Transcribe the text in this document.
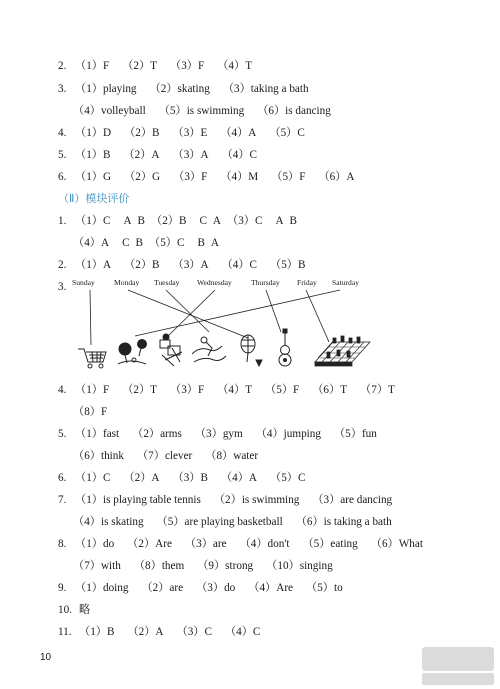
2. （1）F （2）T （3）F （4）T
3. （1）playing （2）skating （3）taking a bath
（4）volleyball （5）is swimming （6）is dancing
4. （1）D （2）B （3）E （4）A （5）C
5. （1）B （2）A （3）A （4）C
6. （1）G （2）G （3）F （4）M （5）F （6）A
1. （1）C A B （2）B C A （3）C A B
（4）A C B （5）C B A
2. （1）A （2）B （3）A （4）C （5）B
4. （1）F （2）T （3）F （4）T （5）F （6）T （7）T
（8）F
5. （1）fast （2）arms （3）gym （4）jumping （5）fun
（6）think （7）clever （8）water
6. （1）C （2）A （3）B （4）A （5）C
7. （1）is playing table tennis （2）is swimming （3）are dancing
（4）is skating （5）are playing basketball （6）is taking a bath
8. （1）do （2）Are （3）are （4）don't （5）eating （6）What
（7）with （8）them （9）strong （10）singing
9. （1）doing （2）are （3）do （4）Are （5）to
10. 略
11. （1）B （2）A （3）C （4）C
（Ⅱ）模块评价
3. Sunday	Monday Tuesday Wednesday	Thursday Friday Saturday
10
